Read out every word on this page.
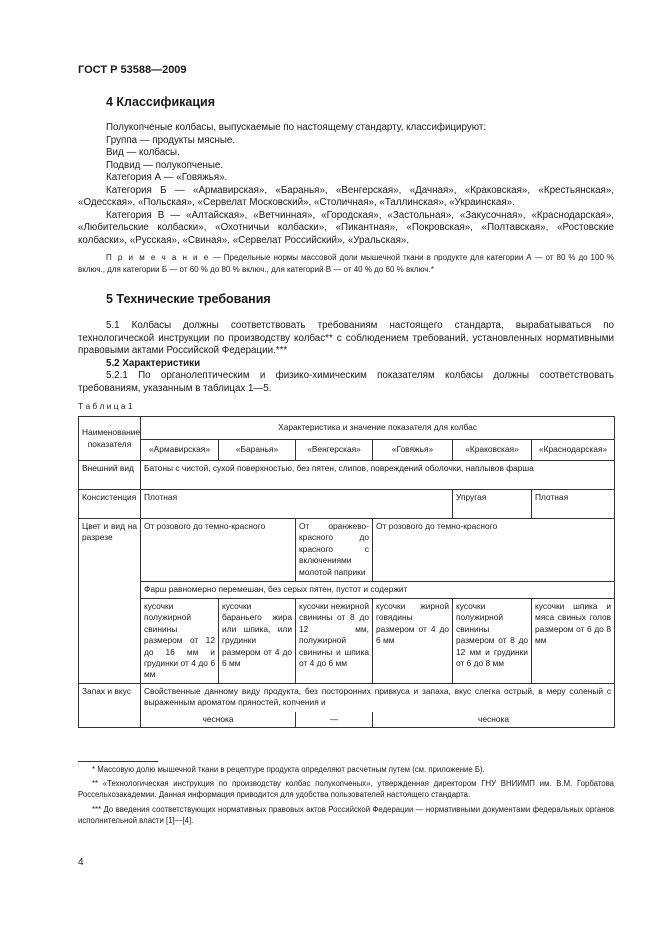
ГОСТ Р 53588—2009
4 Классификация

Полукопченые колбасы, выпускаемые по настоящему стандарту, классифицируют:

Группа — продукты мясные.

Вид — колбасы.

Подвид — полукопченые.

Категория А — «Говяжья».

Категория Б — «Армавирская», «Баранья», «Венгерская», «Дачная», «Краковская», «Крестьянская», «Одесская», «Польская», «Сервелат Московский», «Столичная», «Таллинская», «Украинская».
Категория В — «Алтайская», «Ветчинная», «Городская», «Застольная», «Закусочная», «Краснодарская», «Любительские колбаски», «Охотничьи колбаски», «Пикантная», «Покровская», «Полтавская», «Ростовские колбаски», «Русская», «Свиная», «Сервелат Российский», «Уральская».
П р и м е ч а н и е — Предельные нормы массовой доли мышечной ткани в продукте для категории А — от 80 % до 100 % включ., для категории Б — от 60 % до 80 % включ., для категорий В — от 40 % до 60 % включ.*
5 Технические требования
5.1 Колбасы должны соответствовать требованиям настоящего стандарта, вырабатываться по технологической инструкции по производству колбас** с соблюдением требований, установленных нормативными правовыми актами Российской Федерации.***
5.2 Характеристики
5.2.1 По органолептическим и физико-химическим показателям колбасы должны соответствовать требованиям, указанным в таблицах 1—5.
Т а б л и ц а 1
Наименование показателя	Характеристика и значение показателя для колбас					
	«Армавирская»	«Баранья»	«Венгерская»	«Говяжья»	«Краковская»	«Краснодарская»
Внешний вид	Батоны с чистой, сухой поверхностью, без пятен, слипов, повреждений оболочки, наплывов фарша					
Консистенция	Плотная				Упругая	Плотная
Цвет и вид на разрезе	От розового до темно-красного		От оранжево-красного до красного с включениями молотой паприки	От розового до темно-красного		
	Фарш равномерно перемешан, без серых пятен, пустот и содержит					
	кусочки полужирной свинины размером от 12 до 16 мм и грудинки от 4 до 6 мм	кусочки бараньего жира или шпика, или грудинки размером от 4 до 6 мм	кусочки нежирной свинины от 8 до 12 мм, полужирной свинины и шпика от 4 до 6 мм	кусочки жирной говядины размером от 4 до 6 мм	кусочки полужирной свинины размером от 8 до 12 мм и грудинки от 6 до 8 мм	кусочки шпика и мяса свиных голов размером от 6 до 8 мм
Запах и вкус	Свойственные данному виду продукта, без посторонних привкуса и запаха, вкус слегка острый, в меру соленый с выраженным ароматом пряностей, копчения и					
	чеснока		—	чеснока		

* Массовую долю мышечной ткани в рецептуре продукта определяют расчетным путем (см. приложение Б).

** «Технологическая инструкция по производству колбас полукопченых», утвержденная директором ГНУ ВНИИМП им. В.М. Горбатова Россельхозакадемии. Данная информация приводится для удобства пользователей настоящего стандарта.

*** До введения соответствующих нормативных правовых актов Российской Федерации — нормативными документами федеральных органов исполнительной власти [1]—[4].

4
